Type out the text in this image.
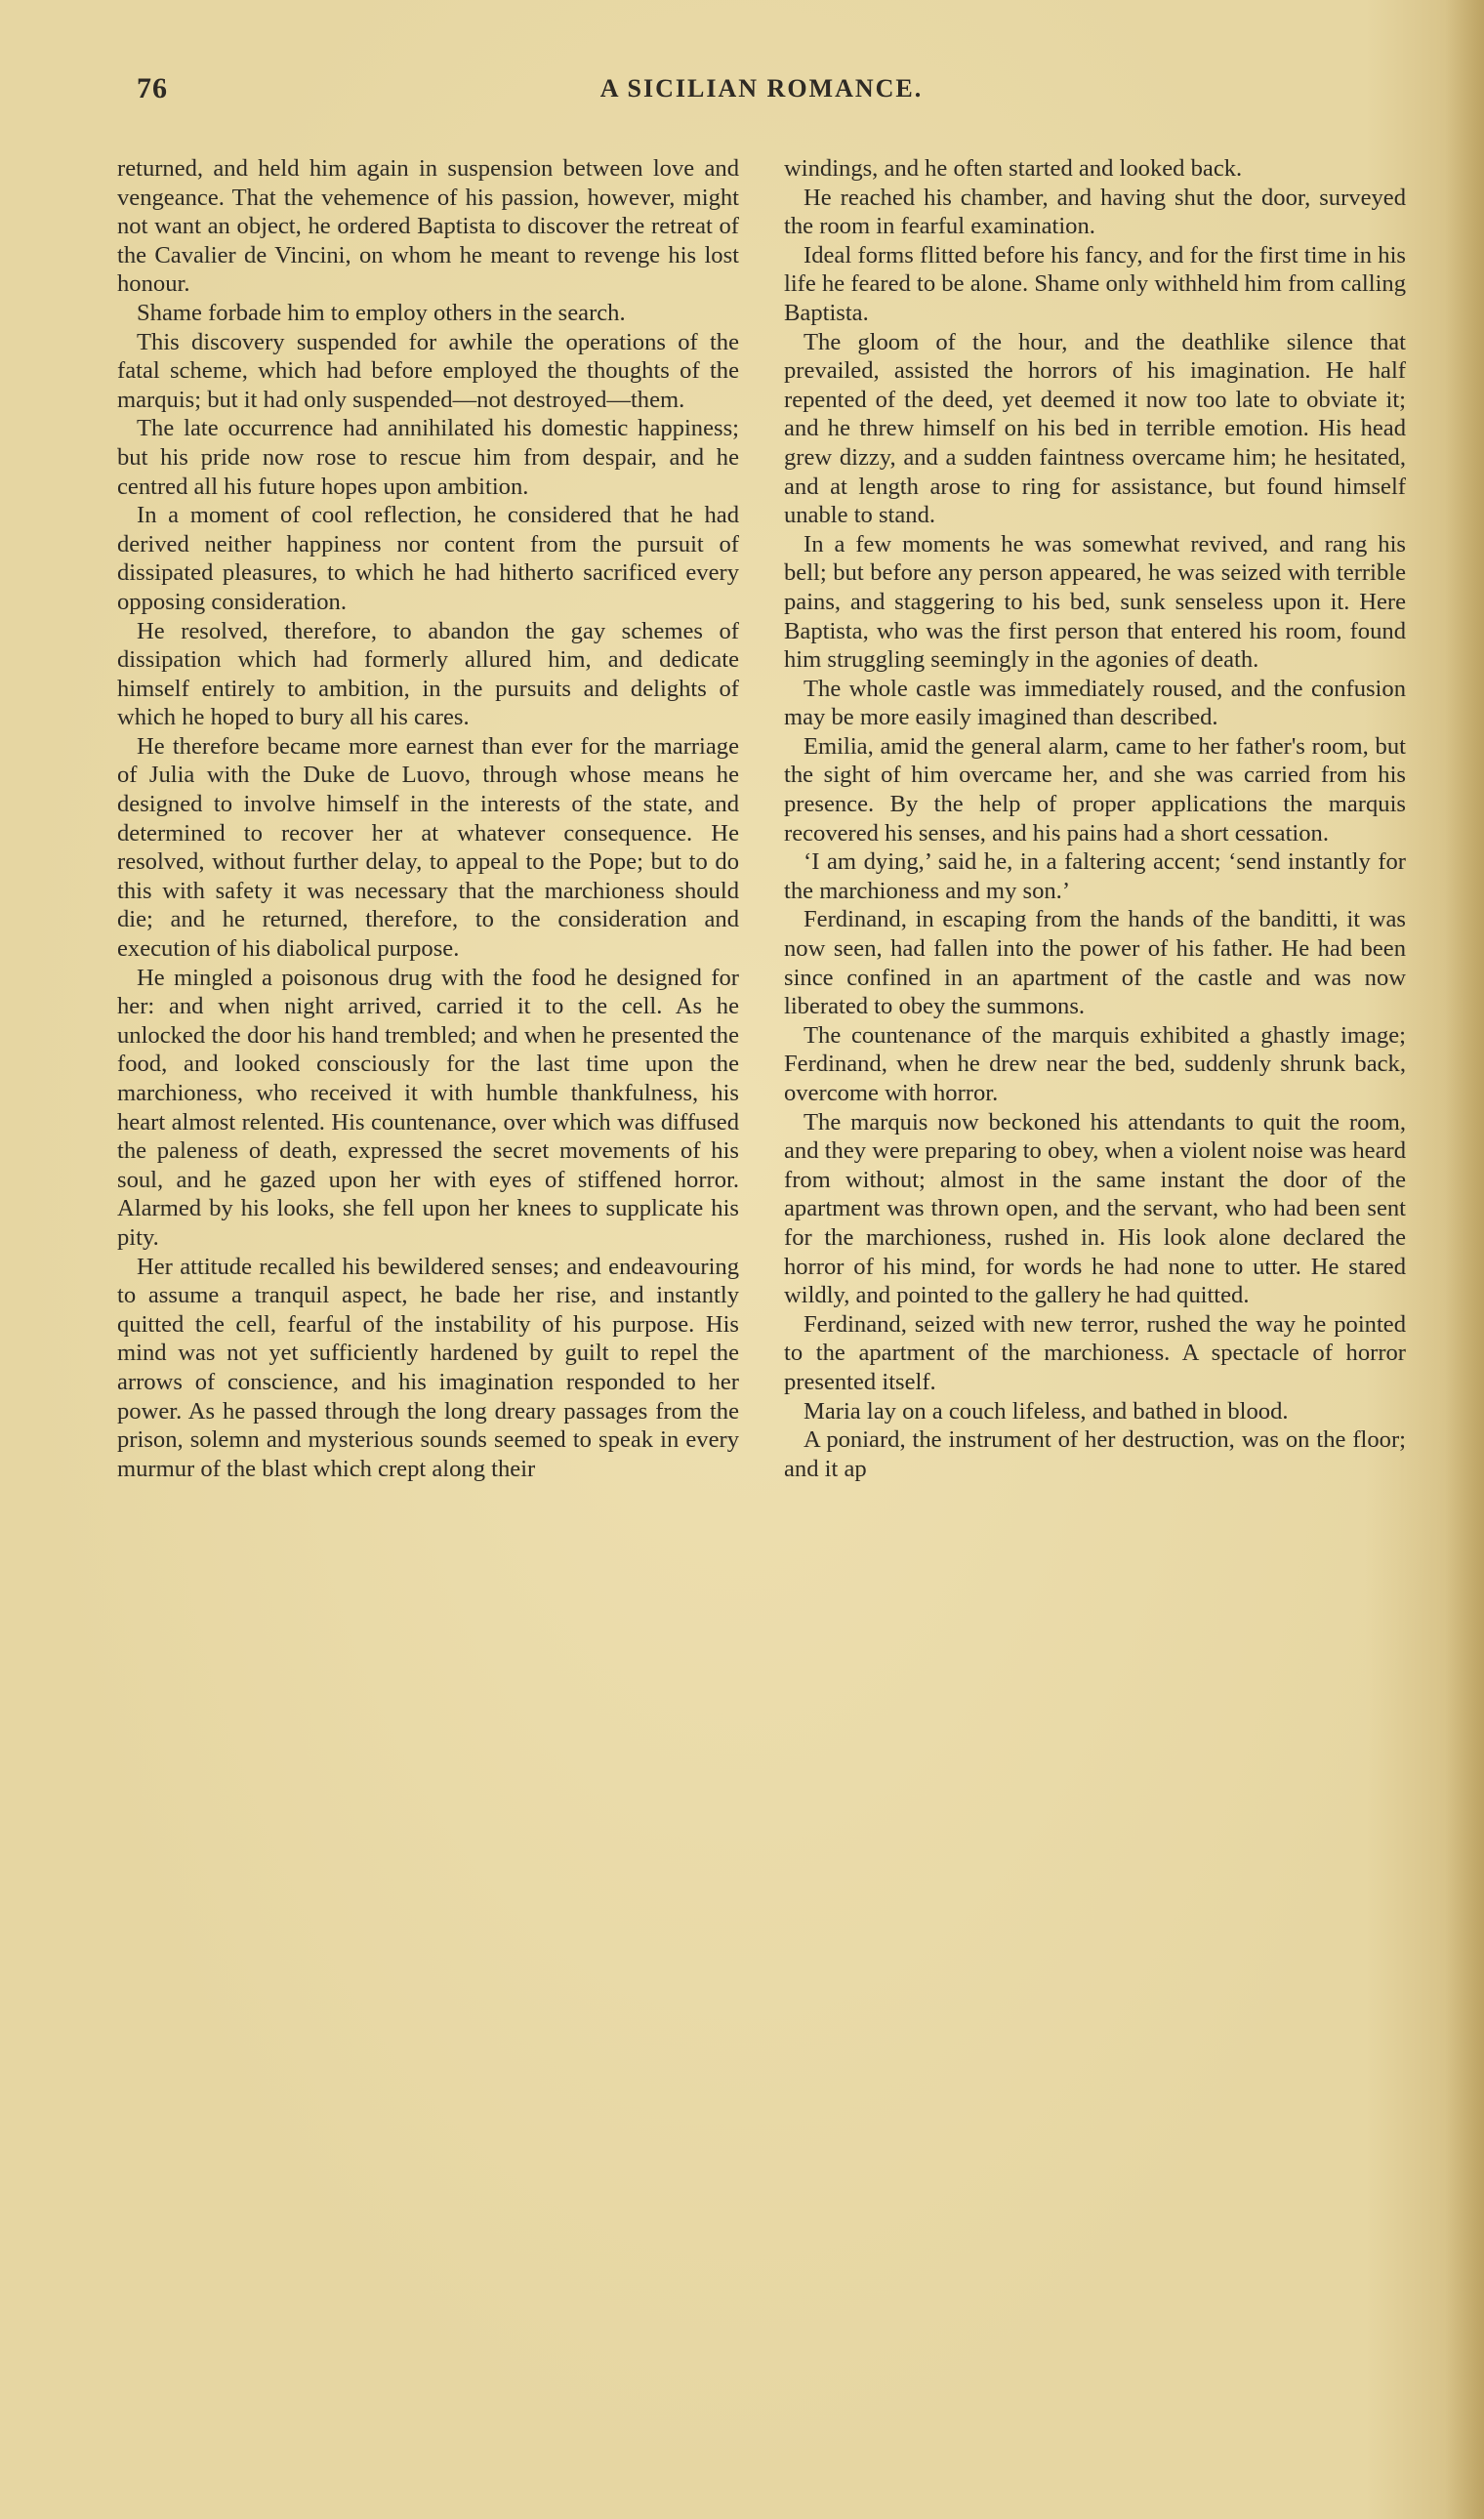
76	A SICILIAN ROMANCE.

returned, and held him again in suspension between love and vengeance. That the vehemence of his passion, however, might not want an object, he ordered Baptista to discover the retreat of the Cavalier de Vincini, on whom he meant to revenge his lost honour.

Shame forbade him to employ others in the search.

This discovery suspended for awhile the operations of the fatal scheme, which had before employed the thoughts of the marquis; but it had only suspended—not destroyed—them.

The late occurrence had annihilated his domestic happiness; but his pride now rose to rescue him from despair, and he centred all his future hopes upon ambition.

In a moment of cool reflection, he considered that he had derived neither happiness nor content from the pursuit of dissipated pleasures, to which he had hitherto sacrificed every opposing consideration.

He resolved, therefore, to abandon the gay schemes of dissipation which had formerly allured him, and dedicate himself entirely to ambition, in the pursuits and delights of which he hoped to bury all his cares.

He therefore became more earnest than ever for the marriage of Julia with the Duke de Luovo, through whose means he designed to involve himself in the interests of the state, and determined to recover her at whatever consequence. He resolved, without further delay, to appeal to the Pope; but to do this with safety it was necessary that the marchioness should die; and he returned, therefore, to the consideration and execution of his diabolical purpose.

He mingled a poisonous drug with the food he designed for her: and when night arrived, carried it to the cell. As he unlocked the door his hand trembled; and when he presented the food, and looked consciously for the last time upon the marchioness, who received it with humble thankfulness, his heart almost relented. His countenance, over which was diffused the paleness of death, expressed the secret movements of his soul, and he gazed upon her with eyes of stiffened horror. Alarmed by his looks, she fell upon her knees to supplicate his pity.

Her attitude recalled his bewildered senses; and endeavouring to assume a tranquil aspect, he bade her rise, and instantly quitted the cell, fearful of the instability of his purpose. His mind was not yet sufficiently hardened by guilt to repel the arrows of conscience, and his imagination responded to her power. As he passed through the long dreary passages from the prison, solemn and mysterious sounds seemed to speak in every murmur of the blast which crept along their

windings, and he often started and looked back.

He reached his chamber, and having shut the door, surveyed the room in fearful examination.

Ideal forms flitted before his fancy, and for the first time in his life he feared to be alone. Shame only withheld him from calling Baptista.

The gloom of the hour, and the deathlike silence that prevailed, assisted the horrors of his imagination. He half repented of the deed, yet deemed it now too late to obviate it; and he threw himself on his bed in terrible emotion. His head grew dizzy, and a sudden faintness overcame him; he hesitated, and at length arose to ring for assistance, but found himself unable to stand.

In a few moments he was somewhat revived, and rang his bell; but before any person appeared, he was seized with terrible pains, and staggering to his bed, sunk senseless upon it. Here Baptista, who was the first person that entered his room, found him struggling seemingly in the agonies of death.

The whole castle was immediately roused, and the confusion may be more easily imagined than described.

Emilia, amid the general alarm, came to her father's room, but the sight of him overcame her, and she was carried from his presence. By the help of proper applications the marquis recovered his senses, and his pains had a short cessation.

‘I am dying,’ said he, in a faltering accent; ‘send instantly for the marchioness and my son.’

Ferdinand, in escaping from the hands of the banditti, it was now seen, had fallen into the power of his father. He had been since confined in an apartment of the castle and was now liberated to obey the summons.

The countenance of the marquis exhibited a ghastly image; Ferdinand, when he drew near the bed, suddenly shrunk back, overcome with horror.

The marquis now beckoned his attendants to quit the room, and they were preparing to obey, when a violent noise was heard from without; almost in the same instant the door of the apartment was thrown open, and the servant, who had been sent for the marchioness, rushed in. His look alone declared the horror of his mind, for words he had none to utter. He stared wildly, and pointed to the gallery he had quitted.

Ferdinand, seized with new terror, rushed the way he pointed to the apartment of the marchioness. A spectacle of horror presented itself.

Maria lay on a couch lifeless, and bathed in blood.

A poniard, the instrument of her destruction, was on the floor; and it ap
